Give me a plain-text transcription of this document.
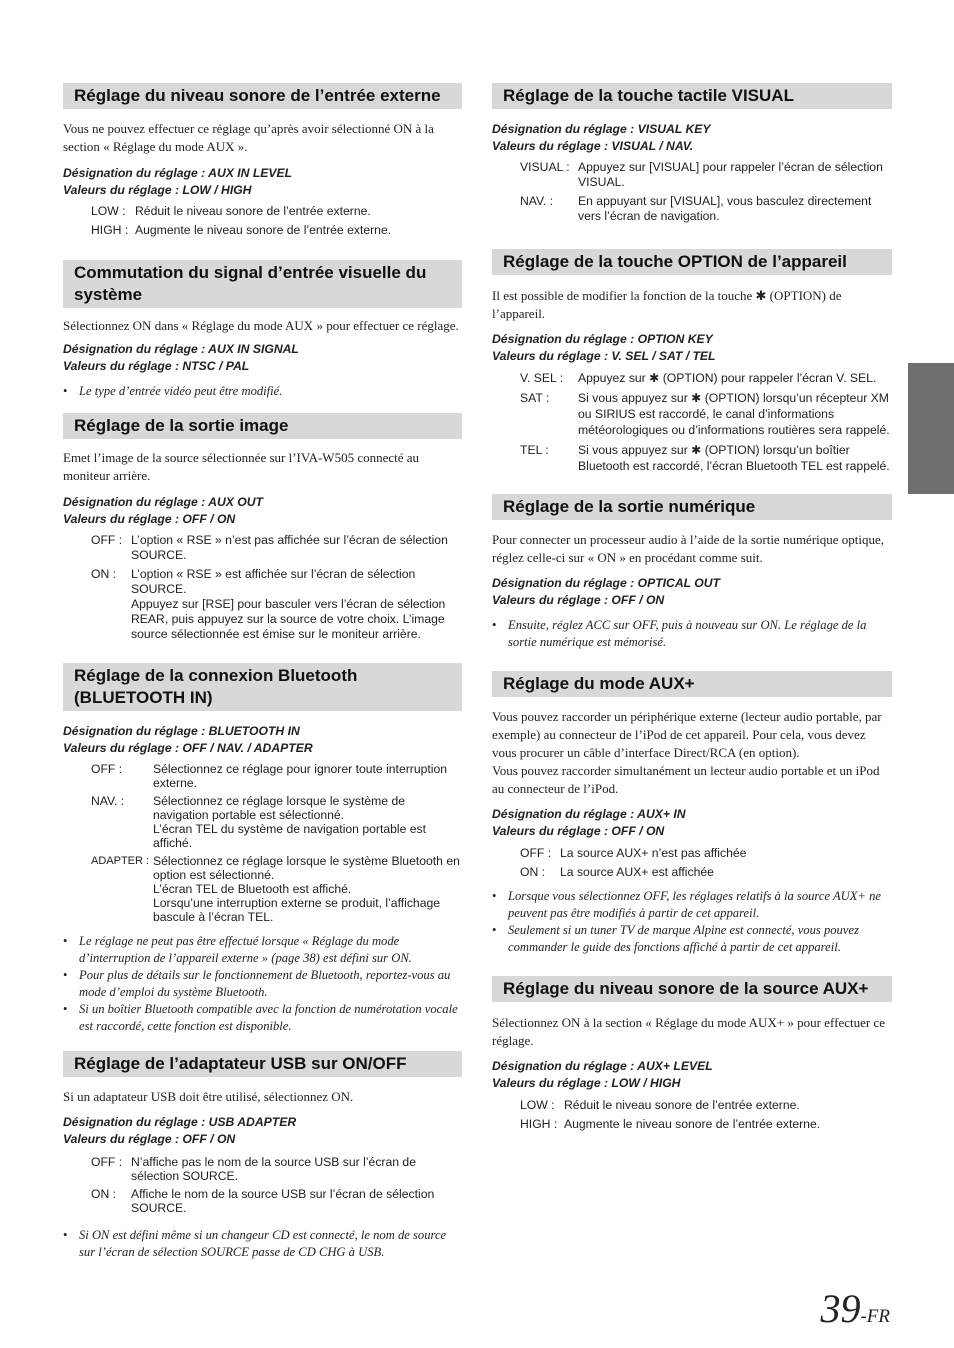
Réglage du niveau sonore de l’entrée externe

Vous ne pouvez effectuer ce réglage qu’après avoir sélectionné ON à la section « Réglage du mode AUX ».

Désignation du réglage : AUX IN LEVEL
Valeurs du réglage : LOW / HIGH
LOW : Réduit le niveau sonore de l’entrée externe.
HIGH : Augmente le niveau sonore de l’entrée externe.
Commutation du signal d’entrée visuelle du système

Sélectionnez ON dans « Réglage du mode AUX » pour effectuer ce réglage.

Désignation du réglage : AUX IN SIGNAL
Valeurs du réglage : NTSC / PAL
• Le type d’entrée vidéo peut être modifié.
Réglage de la sortie image

Emet l’image de la source sélectionnée sur l’IVA-W505 connecté au moniteur arrière.

Désignation du réglage : AUX OUT
Valeurs du réglage : OFF / ON
OFF : L’option « RSE » n’est pas affichée sur l’écran de sélection SOURCE.
ON :	L’option « RSE » est affichée sur l’écran de sélection SOURCE.
Appuyez sur [RSE] pour basculer vers l’écran de sélection REAR, puis appuyez sur la source de votre choix. L’image source sélectionnée est émise sur le moniteur arrière.
Réglage de la connexion Bluetooth (BLUETOOTH IN)
Désignation du réglage : BLUETOOTH IN
Valeurs du réglage : OFF / NAV. / ADAPTER
OFF :	Sélectionnez ce réglage pour ignorer toute interruption externe.
NAV. :	Sélectionnez ce réglage lorsque le système de navigation portable est sélectionné.
L’écran TEL du système de navigation portable est affiché.
ADAPTER : Sélectionnez ce réglage lorsque le système Bluetooth en option est sélectionné.
L’écran TEL de Bluetooth est affiché.
Lorsqu’une interruption externe se produit, l’affichage bascule à l’écran TEL.
• Le réglage ne peut pas être effectué lorsque « Réglage du mode d’interruption de l’appareil externe » (page 38) est défini sur ON.
• Pour plus de détails sur le fonctionnement de Bluetooth, reportez-vous au mode d’emploi du système Bluetooth.
• Si un boîtier Bluetooth compatible avec la fonction de numérotation vocale est raccordé, cette fonction est disponible.
Réglage de l’adaptateur USB sur ON/OFF

Si un adaptateur USB doit être utilisé, sélectionnez ON.

Désignation du réglage : USB ADAPTER
Valeurs du réglage : OFF / ON
OFF : N’affiche pas le nom de la source USB sur l’écran de sélection SOURCE.
ON :	Affiche le nom de la source USB sur l’écran de sélection SOURCE.
• Si ON est défini même si un changeur CD est connecté, le nom de source sur l’écran de sélection SOURCE passe de CD CHG à USB.
Réglage de la touche tactile VISUAL
Désignation du réglage : VISUAL KEY
Valeurs du réglage : VISUAL / NAV.
VISUAL : Appuyez sur [VISUAL] pour rappeler l’écran de sélection VISUAL.
NAV. :	En appuyant sur [VISUAL], vous basculez directement vers l’écran de navigation.
Réglage de la touche OPTION de l’appareil

Il est possible de modifier la fonction de la touche ✱ (OPTION) de l’appareil.

Désignation du réglage : OPTION KEY
Valeurs du réglage : V. SEL / SAT / TEL
V. SEL :	Appuyez sur ✱ (OPTION) pour rappeler l’écran V. SEL.
SAT :	Si vous appuyez sur ✱ (OPTION) lorsqu’un récepteur XM ou SIRIUS est raccordé, le canal d’informations météorologiques ou d’informations routières sera rappelé.
TEL :	Si vous appuyez sur ✱ (OPTION) lorsqu’un boîtier Bluetooth est raccordé, l’écran Bluetooth TEL est rappelé.
Réglage de la sortie numérique

Pour connecter un processeur audio à l’aide de la sortie numérique optique, réglez celle-ci sur « ON » en procédant comme suit.

Désignation du réglage : OPTICAL OUT
Valeurs du réglage : OFF / ON
• Ensuite, réglez ACC sur OFF, puis à nouveau sur ON. Le réglage de la sortie numérique est mémorisé.
Réglage du mode AUX+

Vous pouvez raccorder un périphérique externe (lecteur audio portable, par exemple) au connecteur de l’iPod de cet appareil. Pour cela, vous devez vous procurer un câble d’interface Direct/RCA (en option).
Vous pouvez raccorder simultanément un lecteur audio portable et un iPod au connecteur de l’iPod.

Désignation du réglage : AUX+ IN
Valeurs du réglage : OFF / ON
OFF : La source AUX+ n’est pas affichée
ON :	La source AUX+ est affichée
• Lorsque vous sélectionnez OFF, les réglages relatifs à la source AUX+ ne peuvent pas être modifiés à partir de cet appareil.
• Seulement si un tuner TV de marque Alpine est connecté, vous pouvez commander le guide des fonctions affiché à partir de cet appareil.
Réglage du niveau sonore de la source AUX+

Sélectionnez ON à la section « Réglage du mode AUX+ » pour effectuer ce réglage.

Désignation du réglage : AUX+ LEVEL
Valeurs du réglage : LOW / HIGH
LOW : Réduit le niveau sonore de l’entrée externe.
HIGH : Augmente le niveau sonore de l’entrée externe.
39-FR
